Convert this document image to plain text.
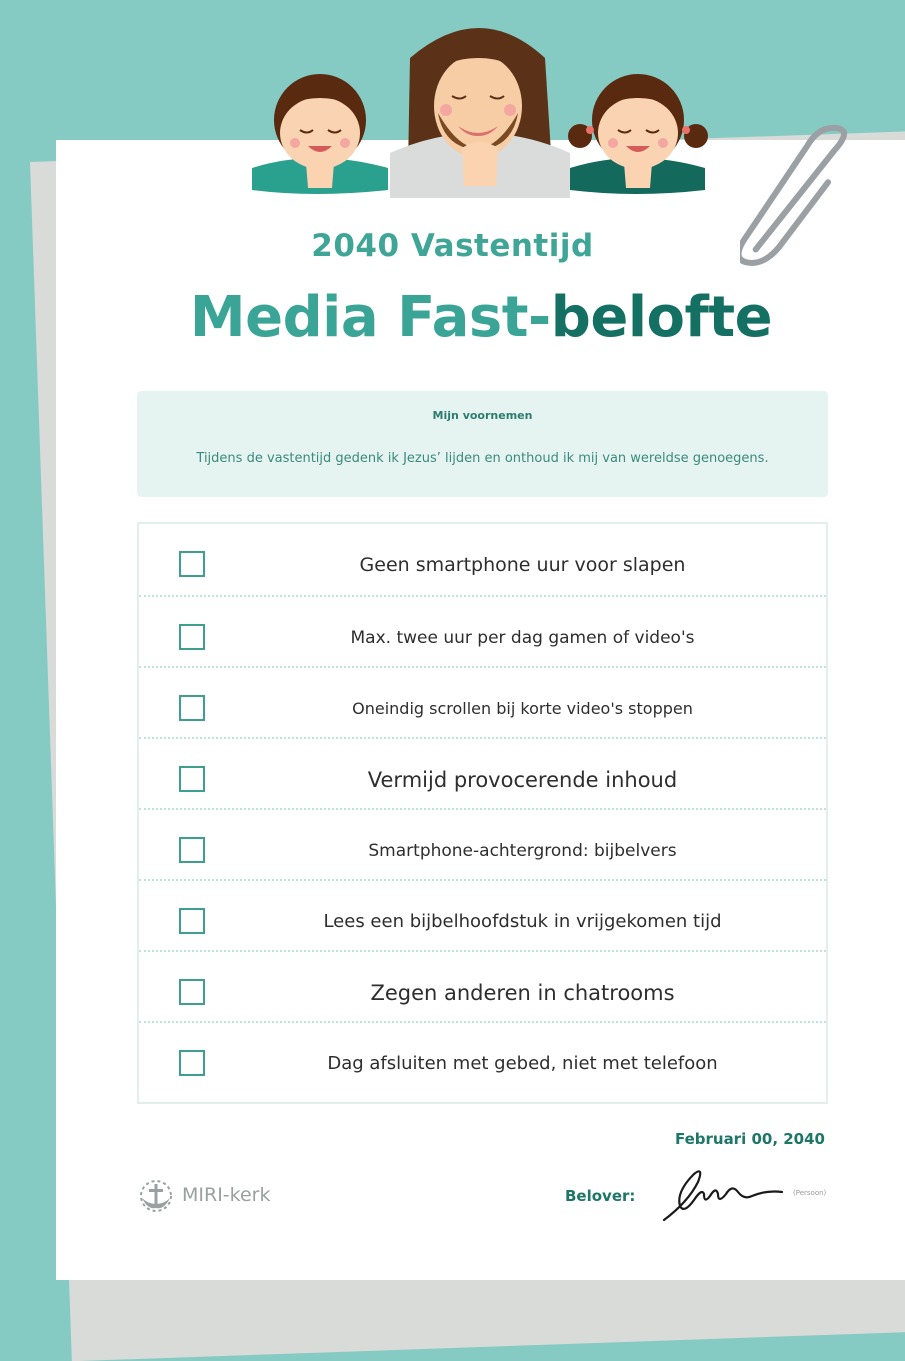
2040 Vastentijd
Media Fast-belofte
Mijn voornemen
Tijdens de vastentijd gedenk ik Jezus’ lijden en onthoud ik mij van wereldse genoegens.
Geen smartphone uur voor slapen
Max. twee uur per dag gamen of video's
Oneindig scrollen bij korte video's stoppen
Vermijd provocerende inhoud
Smartphone-achtergrond: bijbelvers
Lees een bijbelhoofdstuk in vrijgekomen tijd
Zegen anderen in chatrooms
Dag afsluiten met gebed, niet met telefoon
Februari 00, 2040
MIRI-kerk	Belover:	(Persoon)
